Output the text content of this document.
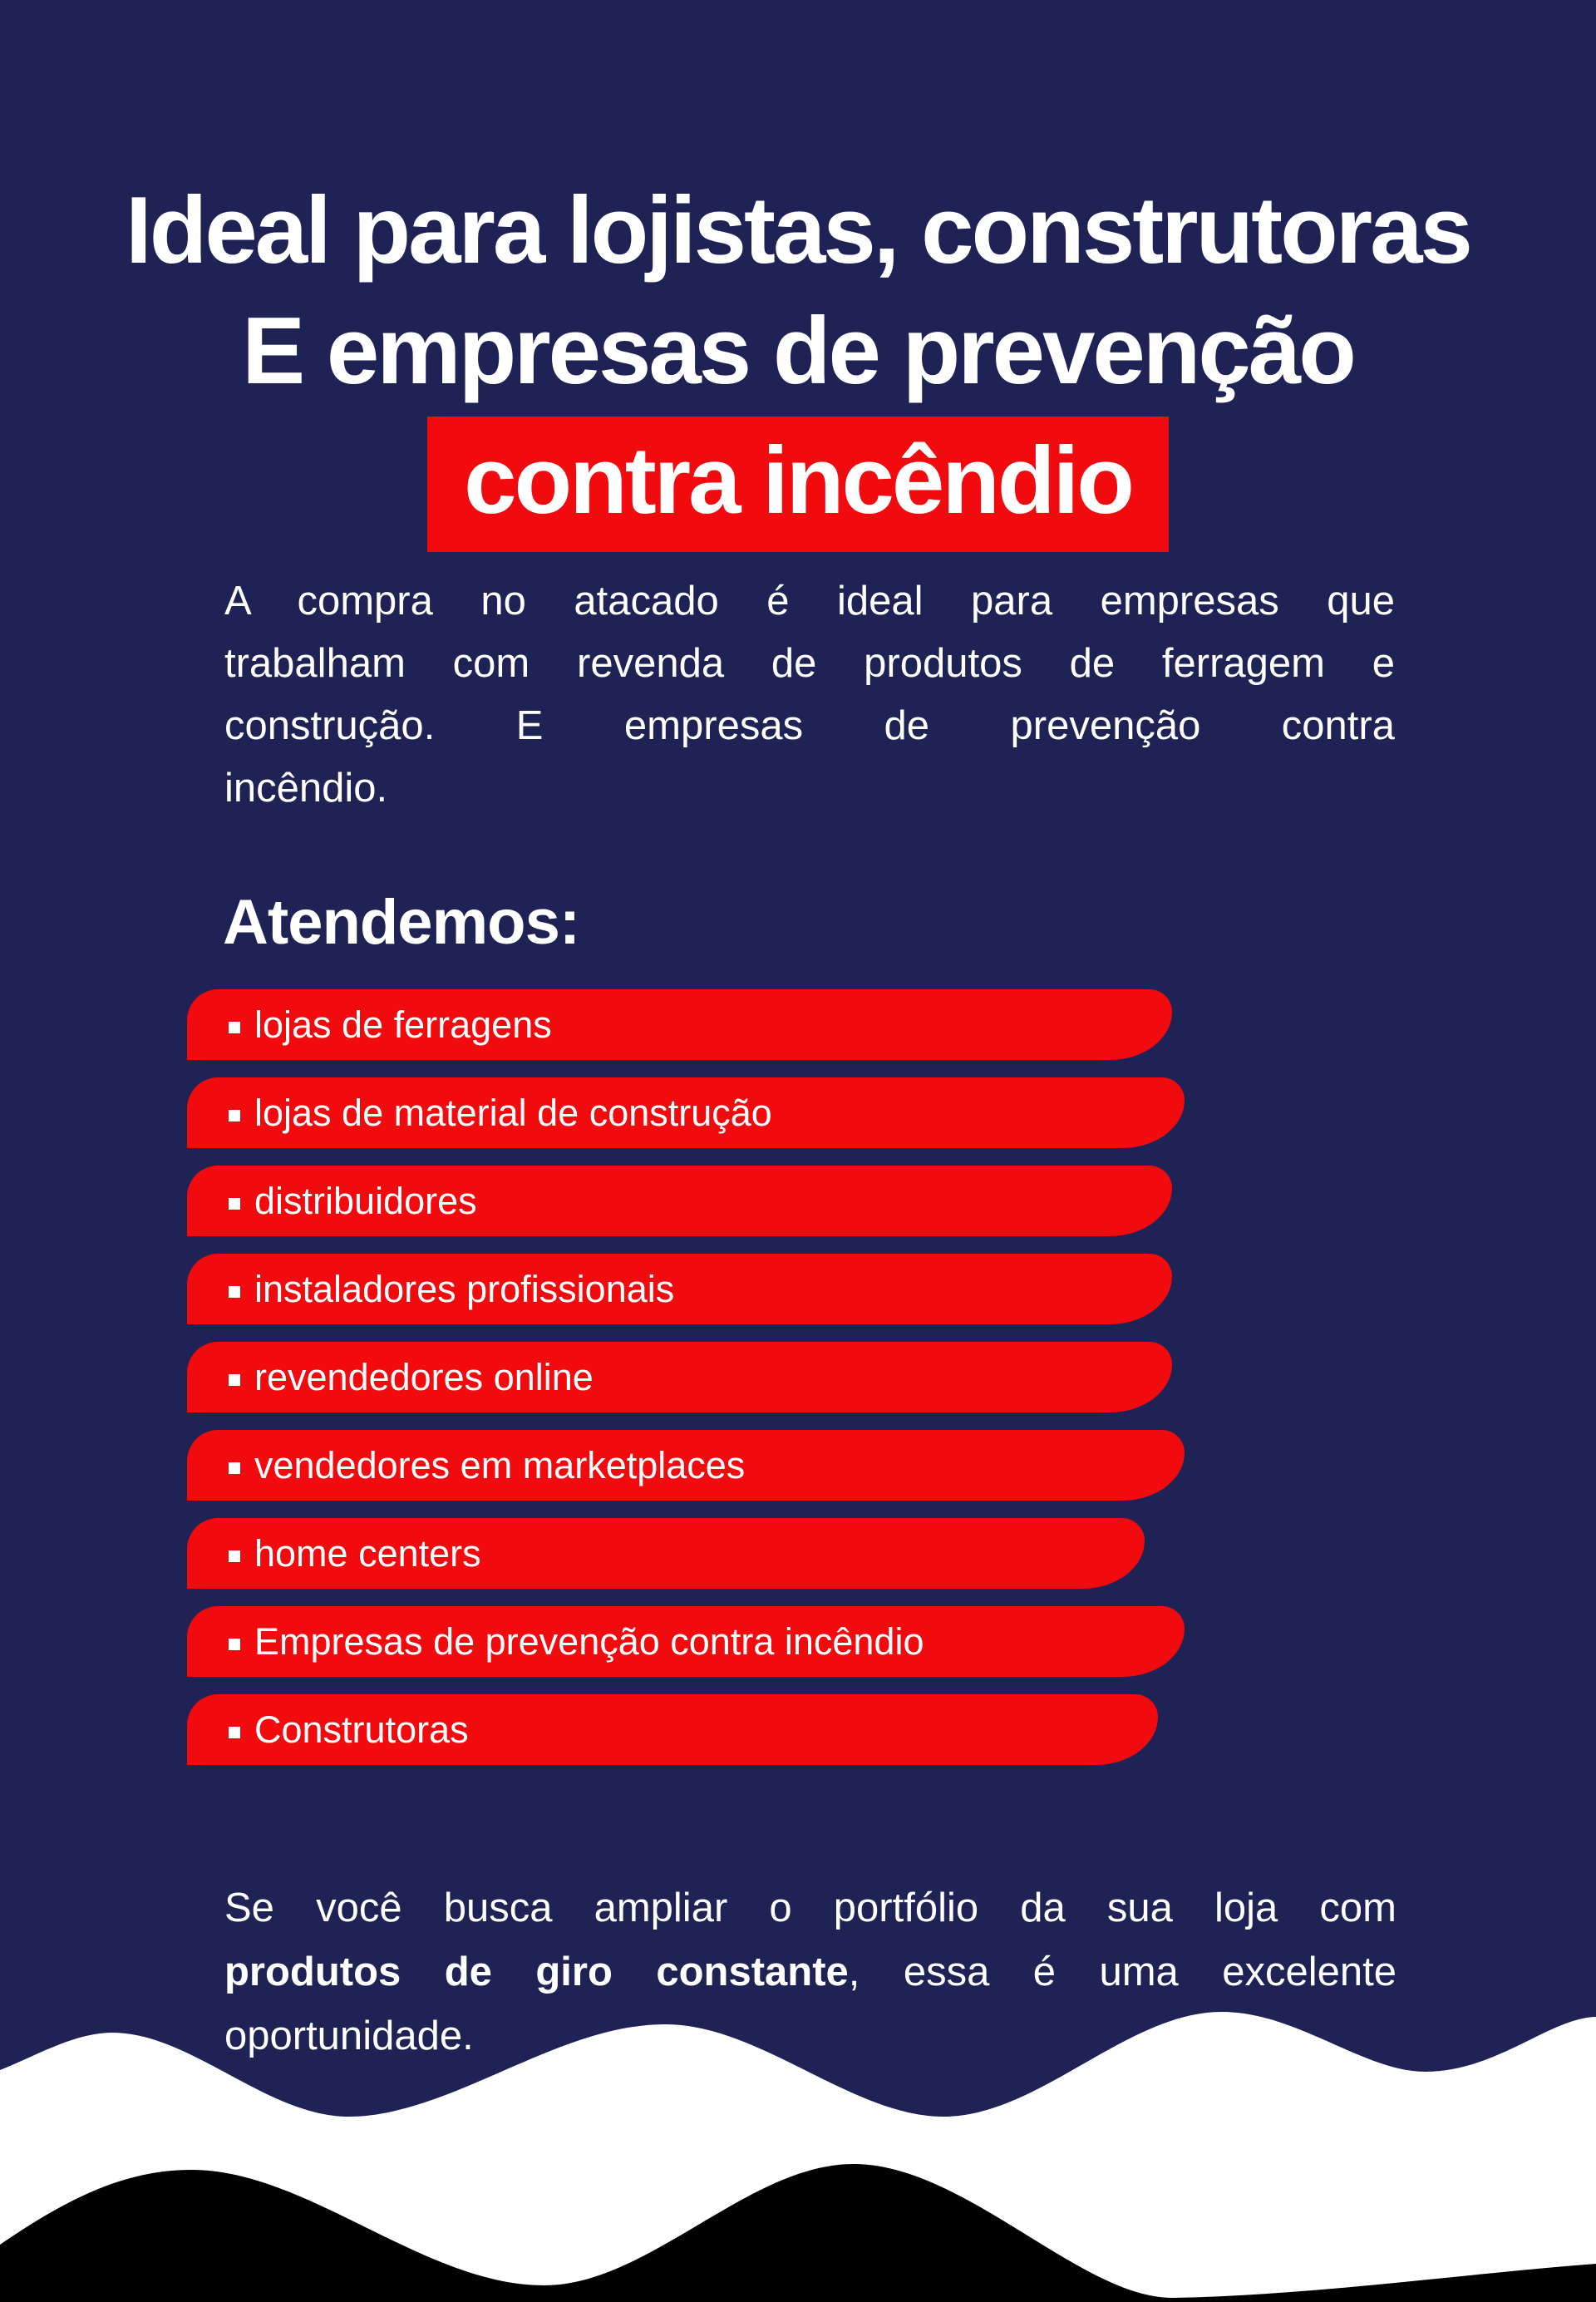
Ideal para lojistas, construtoras
E empresas de prevenção
contra incêndio

A compra no atacado é ideal para empresas que
trabalham com revenda de produtos de ferragem e
construção. E empresas de prevenção contra
incêndio.

Atendemos:
lojas de ferragens
lojas de material de construção
distribuidores
instaladores profissionais
revendedores online
vendedores em marketplaces
home centers
Empresas de prevenção contra incêndio
Construtoras

Se você busca ampliar o portfólio da sua loja com
produtos de giro constante, essa é uma excelente
oportunidade.
